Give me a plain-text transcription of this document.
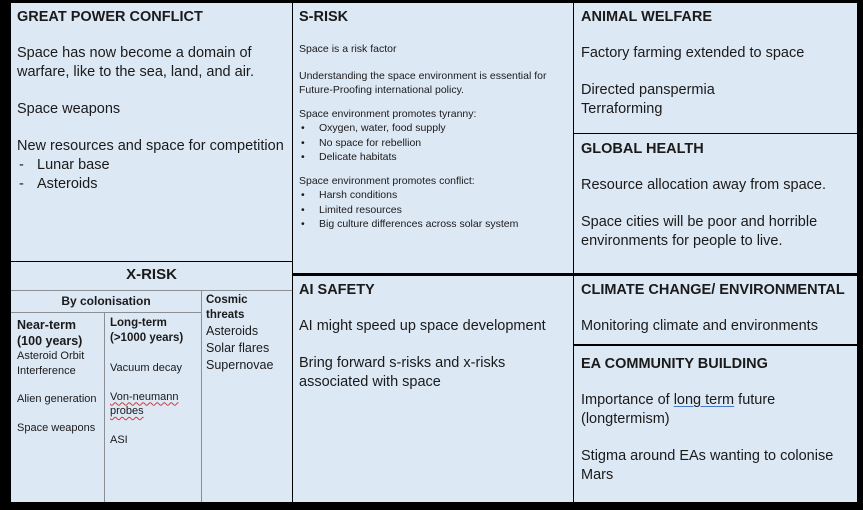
GREAT POWER CONFLICT

Space has now become a domain of warfare, like to the sea, land, and air.

Space weapons

New resources and space for competition

- Lunar base
- Asteroids

S-RISK

Space is a risk factor

Understanding the space environment is essential for Future-Proofing international policy.

Space environment promotes tyranny:

• Oxygen, water, food supply
• No space for rebellion
• Delicate habitats

Space environment promotes conflict:

• Harsh conditions
• Limited resources
• Big culture differences across solar system

ANIMAL WELFARE

Factory farming extended to space

Directed panspermia

Terraforming

GLOBAL HEALTH

Resource allocation away from space.

Space cities will be poor and horrible environments for people to live.

X-RISK
By colonisation
Near-term
(100 years)
Asteroid Orbit Interference
Alien generation
Space weapons
Long-term
(>1000 years)
Vacuum decay
Von-neumann probes
ASI
Cosmic threats
Asteroids
Solar flares
Supernovae

AI SAFETY

AI might speed up space development

Bring forward s-risks and x-risks associated with space

CLIMATE CHANGE/ ENVIRONMENTAL

Monitoring climate and environments

EA COMMUNITY BUILDING

Importance of long term future (longtermism)

Stigma around EAs wanting to colonise Mars
